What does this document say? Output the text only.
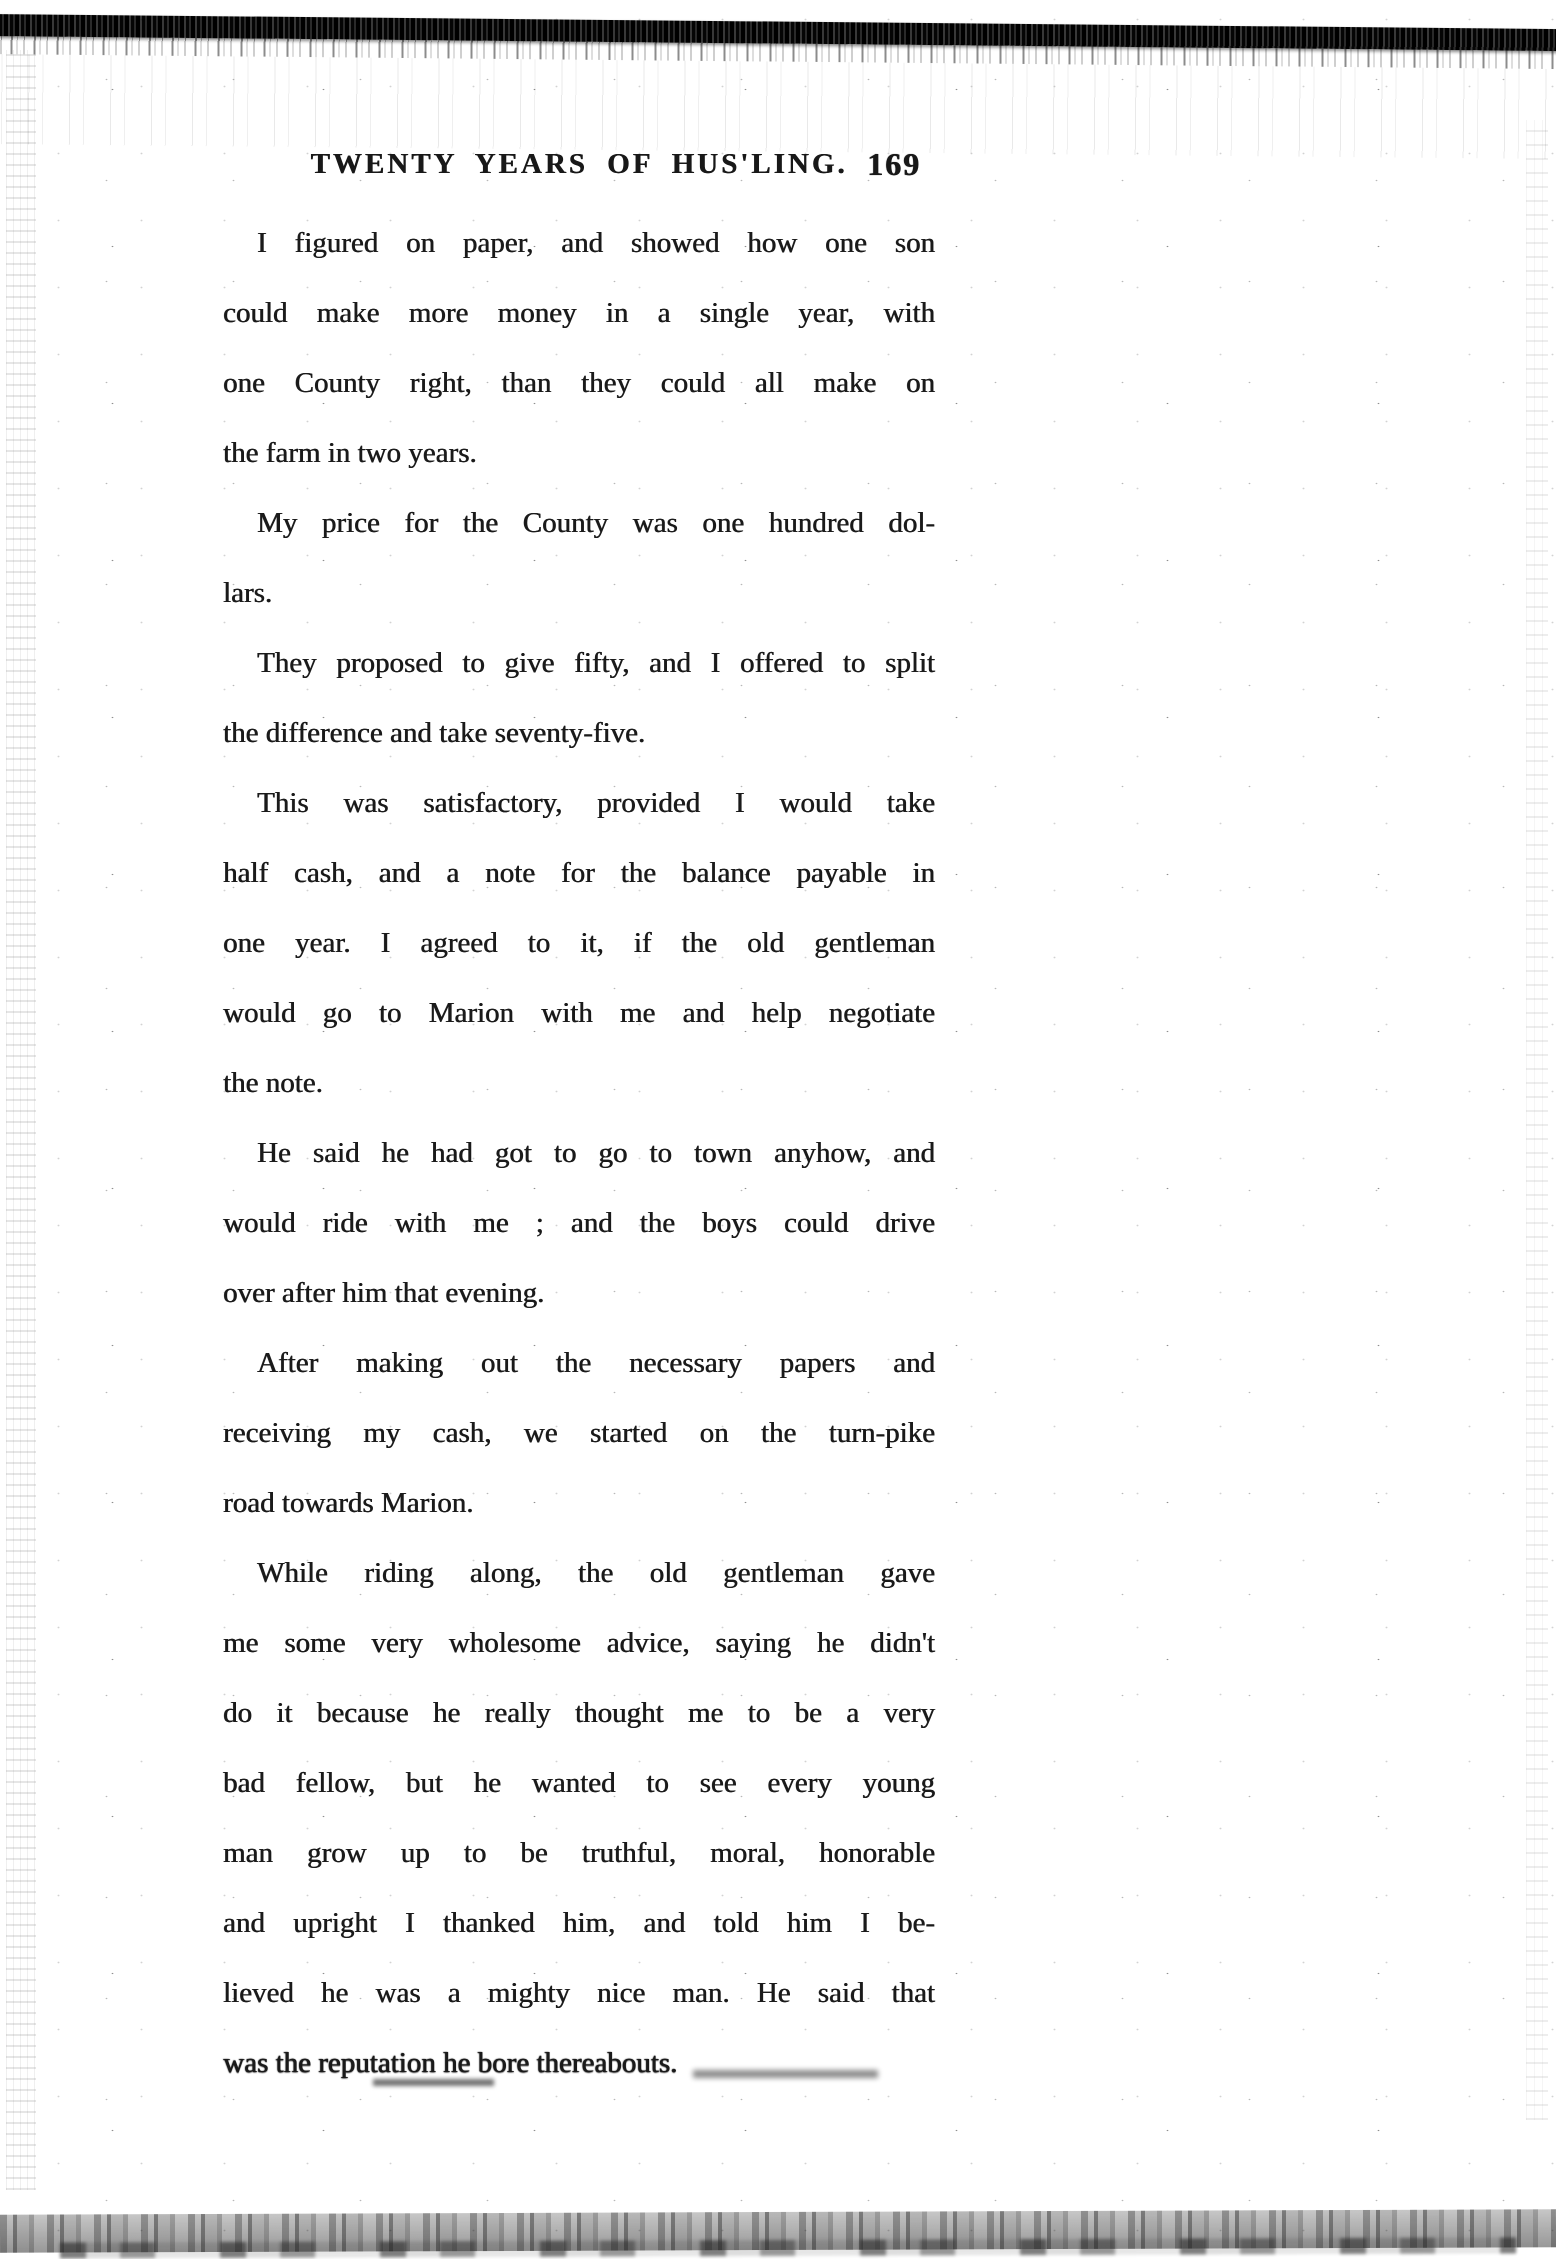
TWENTY YEARS OF HUS'LING. 169
I figured on paper, and showed how one son
could make more money in a single year, with
one County right, than they could all make on
the farm in two years.
My price for the County was one hundred dol-
lars.
They proposed to give fifty, and I offered to split
the difference and take seventy-five.
This was satisfactory, provided I would take
half cash, and a note for the balance payable in
one year. I agreed to it, if the old gentleman
would go to Marion with me and help negotiate
the note.
He said he had got to go to town anyhow, and
would ride with me ; and the boys could drive
over after him that evening.
After making out the necessary papers and
receiving my cash, we started on the turn-pike
road towards Marion.
While riding along, the old gentleman gave
me some very wholesome advice, saying he didn't
do it because he really thought me to be a very
bad fellow, but he wanted to see every young
man grow up to be truthful, moral, honorable
and upright I thanked him, and told him I be-
lieved he was a mighty nice man. He said that
was the reputation he bore thereabouts.
